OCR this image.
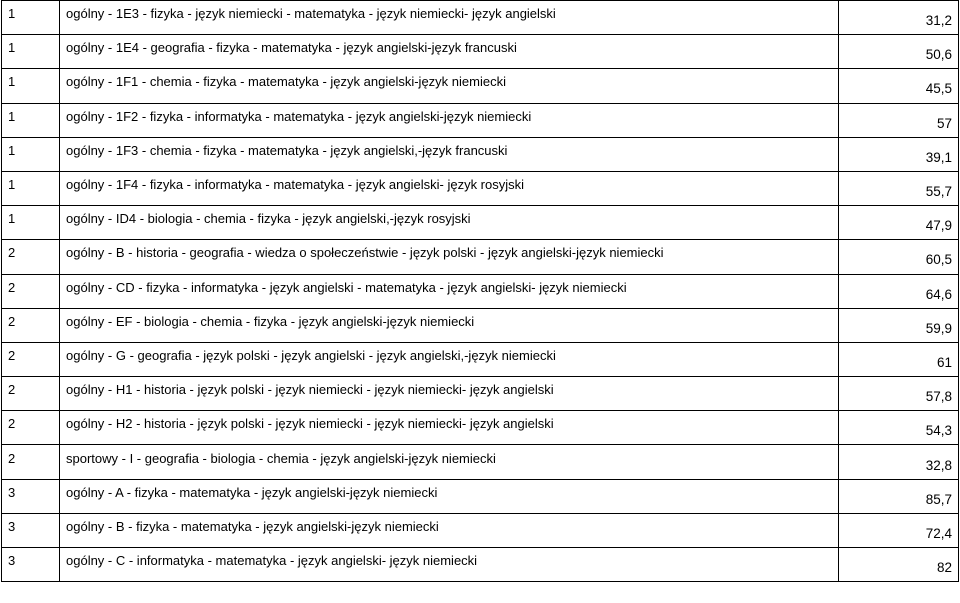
1	ogólny - 1E3 - fizyka - język niemiecki - matematyka - język niemiecki- język angielski	31,2
1	ogólny - 1E4 - geografia - fizyka - matematyka - język angielski-język francuski	50,6
1	ogólny - 1F1 - chemia - fizyka - matematyka - język angielski-język niemiecki	45,5
1	ogólny - 1F2 - fizyka - informatyka - matematyka - język angielski-język niemiecki	57
1	ogólny - 1F3 - chemia - fizyka - matematyka - język angielski,-język francuski	39,1
1	ogólny - 1F4 - fizyka - informatyka - matematyka - język angielski- język rosyjski	55,7
1	ogólny - ID4 - biologia - chemia - fizyka - język angielski,-język rosyjski	47,9
2	ogólny - B - historia - geografia - wiedza o społeczeństwie - język polski - język angielski-język niemiecki	60,5
2	ogólny - CD - fizyka - informatyka - język angielski - matematyka - język angielski- język niemiecki	64,6
2	ogólny - EF - biologia - chemia - fizyka - język angielski-język niemiecki	59,9
2	ogólny - G - geografia - język polski - język angielski - język angielski,-język niemiecki	61
2	ogólny - H1 - historia - język polski - język niemiecki - język niemiecki- język angielski	57,8
2	ogólny - H2 - historia - język polski - język niemiecki - język niemiecki- język angielski	54,3
2	sportowy - I - geografia - biologia - chemia - język angielski-język niemiecki	32,8
3	ogólny - A - fizyka - matematyka - język angielski-język niemiecki	85,7
3	ogólny - B - fizyka - matematyka - język angielski-język niemiecki	72,4
3	ogólny - C - informatyka - matematyka - język angielski- język niemiecki	82
